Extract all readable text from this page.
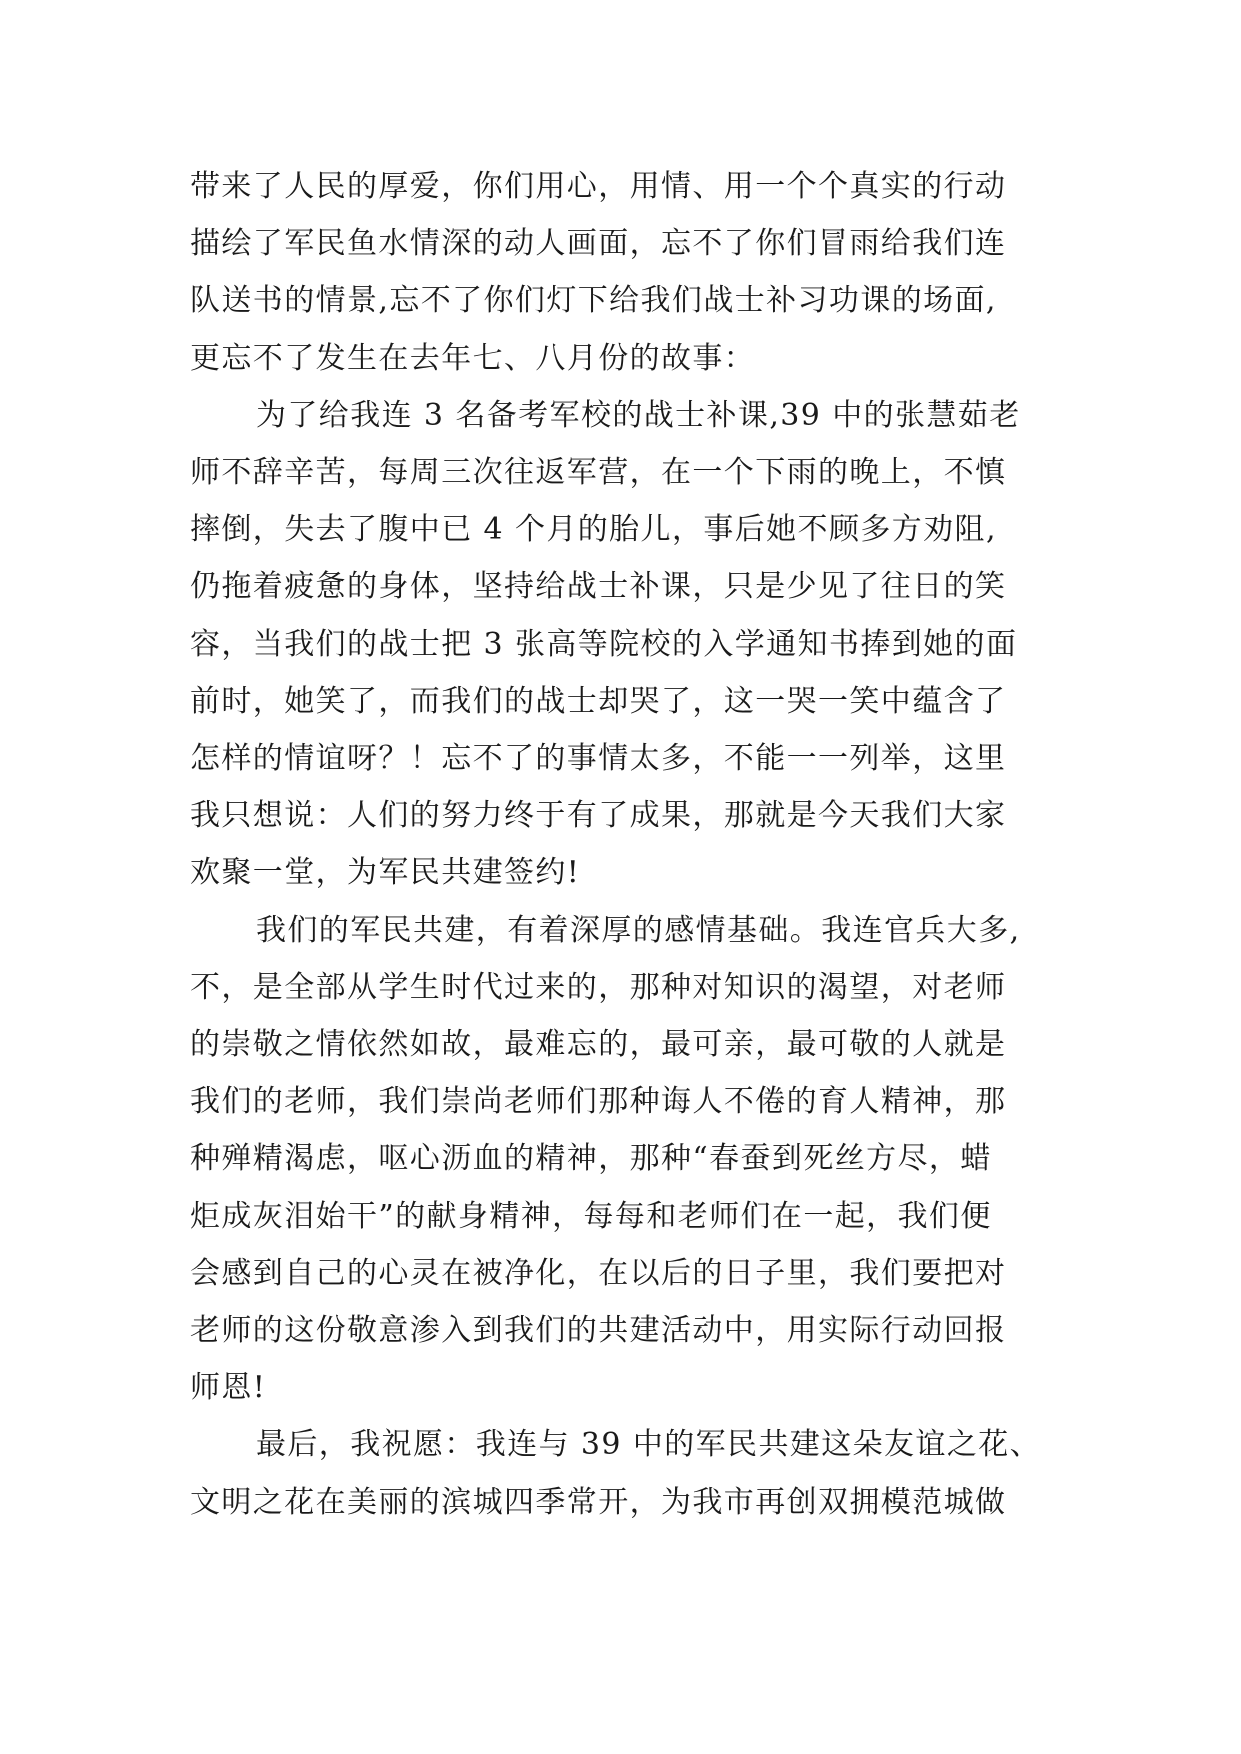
带来了人民的厚爱，你们用心，用情、用一个个真实的行动
描绘了军民鱼水情深的动人画面，忘不了你们冒雨给我们连
队送书的情景,忘不了你们灯下给我们战士补习功课的场面,
更忘不了发生在去年七、八月份的故事：

为了给我连 3 名备考军校的战士补课,39 中的张慧茹老
师不辞辛苦，每周三次往返军营，在一个下雨的晚上，不慎
摔倒，失去了腹中已 4 个月的胎儿，事后她不顾多方劝阻,
仍拖着疲惫的身体，坚持给战士补课，只是少见了往日的笑
容，当我们的战士把 3 张高等院校的入学通知书捧到她的面
前时，她笑了，而我们的战士却哭了，这一哭一笑中蕴含了
怎样的情谊呀？！忘不了的事情太多，不能一一列举，这里
我只想说：人们的努力终于有了成果，那就是今天我们大家
欢聚一堂，为军民共建签约!

我们的军民共建，有着深厚的感情基础。我连官兵大多,
不，是全部从学生时代过来的，那种对知识的渴望，对老师
的崇敬之情依然如故，最难忘的，最可亲，最可敬的人就是
我们的老师，我们崇尚老师们那种诲人不倦的育人精神，那
种殚精渴虑，呕心沥血的精神，那种“春蚕到死丝方尽，蜡
炬成灰泪始干”的献身精神，每每和老师们在一起，我们便
会感到自己的心灵在被净化，在以后的日子里，我们要把对
老师的这份敬意渗入到我们的共建活动中，用实际行动回报
师恩!

最后，我祝愿：我连与 39 中的军民共建这朵友谊之花、
文明之花在美丽的滨城四季常开，为我市再创双拥模范城做
